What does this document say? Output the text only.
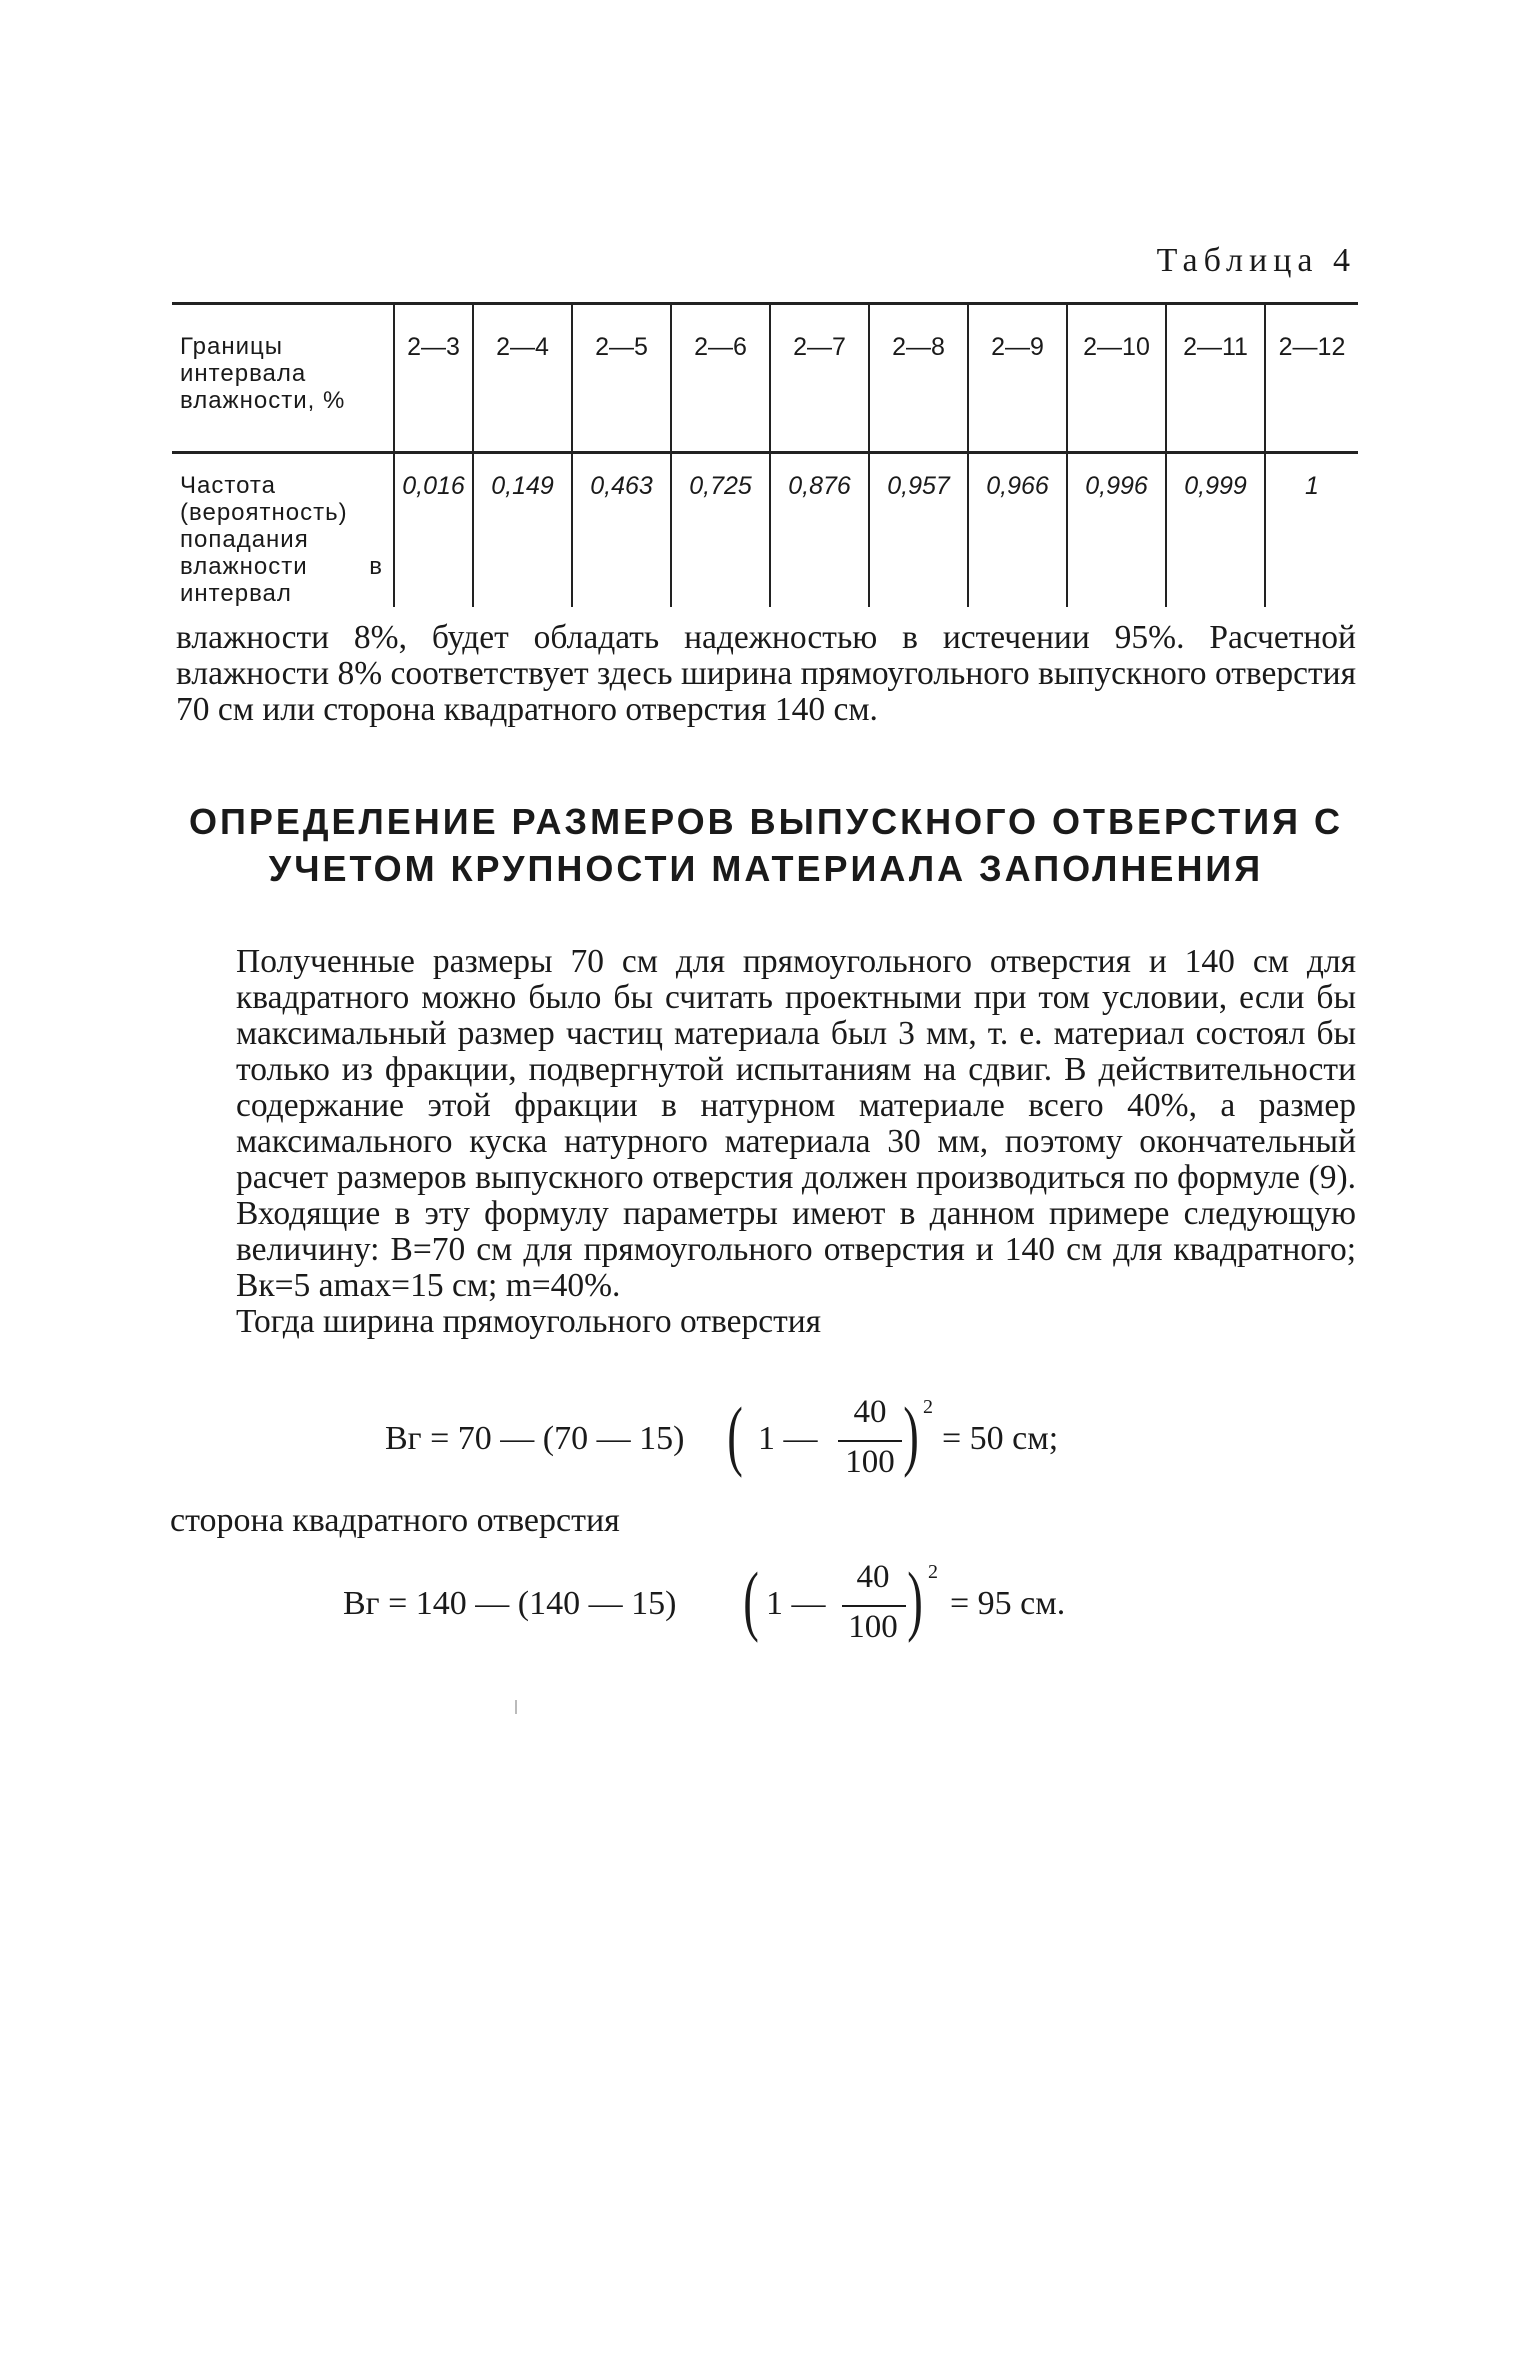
Таблица 4
Границы интервала влажности, %	2—3	2—4	2—5	2—6	2—7	2—8	2—9	2—10	2—11	2—12
Частота (вероятность) попадания влажности в интервал	0,016	0,149	0,463	0,725	0,876	0,957	0,966	0,996	0,999	1

влажности 8%, будет обладать надежностью в истечении 95%. Расчетной влажности 8% соответствует здесь ширина прямоугольного выпускного отверстия 70 см или сторона квадратного отверстия 140 см.

ОПРЕДЕЛЕНИЕ РАЗМЕРОВ ВЫПУСКНОГО ОТВЕРСТИЯ С УЧЕТОМ КРУПНОСТИ МАТЕРИАЛА ЗАПОЛНЕНИЯ
Полученные размеры 70 см для прямоугольного отверстия и 140 см для квадратного можно было бы считать проектными при том условии, если бы максимальный размер частиц материала был 3 мм, т. е. материал состоял бы только из фракции, подвергнутой испытаниям на сдвиг. В действительности содержание этой фракции в натурном материале всего 40%, а размер максимального куска натурного материала 30 мм, поэтому окончательный расчет размеров выпускного отверстия должен производиться по формуле (9). Входящие в эту формулу параметры имеют в данном примере следующую величину: B=70 см для прямоугольного отверстия и 140 см для квадратного; Bк=5 amax=15 см; m=40%.
Тогда ширина прямоугольного отверстия
Bг = 70 — (70 — 15) ( 1 —
40
100 ) 2
= 50 см;
сторона квадратного отверстия
Bг = 140 — (140 — 15) ( 1 —
40
100 ) 2
= 95 см.
